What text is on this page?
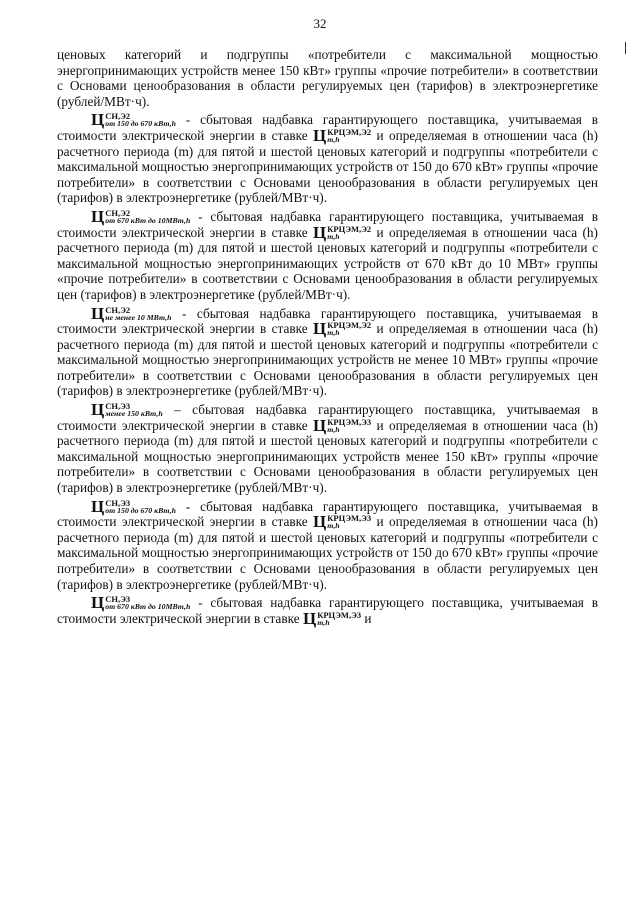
32

ценовых категорий и подгруппы «потребители с максимальной мощностью энергопринимающих устройств менее 150 кВт» группы «прочие потребители» в соответствии с Основами ценообразования в области регулируемых цен (тарифов) в электроэнергетике (рублей/МВт·ч).

Ц СН,Э2
от 150 до 670 кВт,h - сбытовая надбавка гарантирующего поставщика, учитываемая в стоимости электрической энергии в ставке Ц КРЦЭМ,Э2
m,h	и определяемая в отношении часа (h) расчетного периода (m) для пятой и шестой ценовых категорий и подгруппы «потребители с максимальной мощностью энергопринимающих устройств от 150 до 670 кВт» группы «прочие потребители» в соответствии с Основами ценообразования в области регулируемых цен (тарифов) в электроэнергетике (рублей/МВт·ч).

Ц СН,Э2
от 670 кВт до 10МВт,h - сбытовая надбавка гарантирующего поставщика, учитываемая в стоимости электрической энергии в ставке Ц КРЦЭМ,Э2
m,h	и определяемая в отношении часа (h) расчетного периода (m) для пятой и шестой ценовых категорий и подгруппы «потребители с максимальной мощностью энергопринимающих устройств от 670 кВт до 10 МВт» группы «прочие потребители» в соответствии с Основами ценообразования в области регулируемых цен (тарифов) в электроэнергетике (рублей/МВт·ч).

Ц СН,Э2
не менее 10 МВт,h - сбытовая надбавка гарантирующего поставщика, учитываемая в стоимости электрической энергии в ставке Ц КРЦЭМ,Э2
m,h	и определяемая в отношении часа (h) расчетного периода (m) для пятой и шестой ценовых категорий и подгруппы «потребители с максимальной мощностью энергопринимающих устройств не менее 10 МВт» группы «прочие потребители» в соответствии с Основами ценообразования в области регулируемых цен (тарифов) в электроэнергетике (рублей/МВт·ч).

Ц СН,Э3
менее 150 кВт,h – сбытовая надбавка гарантирующего поставщика, учитываемая в стоимости электрической энергии в ставке Ц КРЦЭМ,Э3
m,h	и определяемая в отношении часа (h) расчетного периода (m) для пятой и шестой ценовых категорий и подгруппы «потребители с максимальной мощностью энергопринимающих устройств менее 150 кВт» группы «прочие потребители» в соответствии с Основами ценообразования в области регулируемых цен (тарифов) в электроэнергетике (рублей/МВт·ч).

Ц СН,Э3
от 150 до 670 кВт,h - сбытовая надбавка гарантирующего поставщика, учитываемая в стоимости электрической энергии в ставке Ц КРЦЭМ,Э3
m,h	и определяемая в отношении часа (h) расчетного периода (m) для пятой и шестой ценовых категорий и подгруппы «потребители с максимальной мощностью энергопринимающих устройств от 150 до 670 кВт» группы «прочие потребители» в соответствии с Основами ценообразования в области регулируемых цен (тарифов) в электроэнергетике (рублей/МВт·ч).

Ц СН,Э3
от 670 кВт до 10МВт,h - сбытовая надбавка гарантирующего поставщика, учитываемая в стоимости электрической энергии в ставке Ц КРЦЭМ,Э3
m,h	и
